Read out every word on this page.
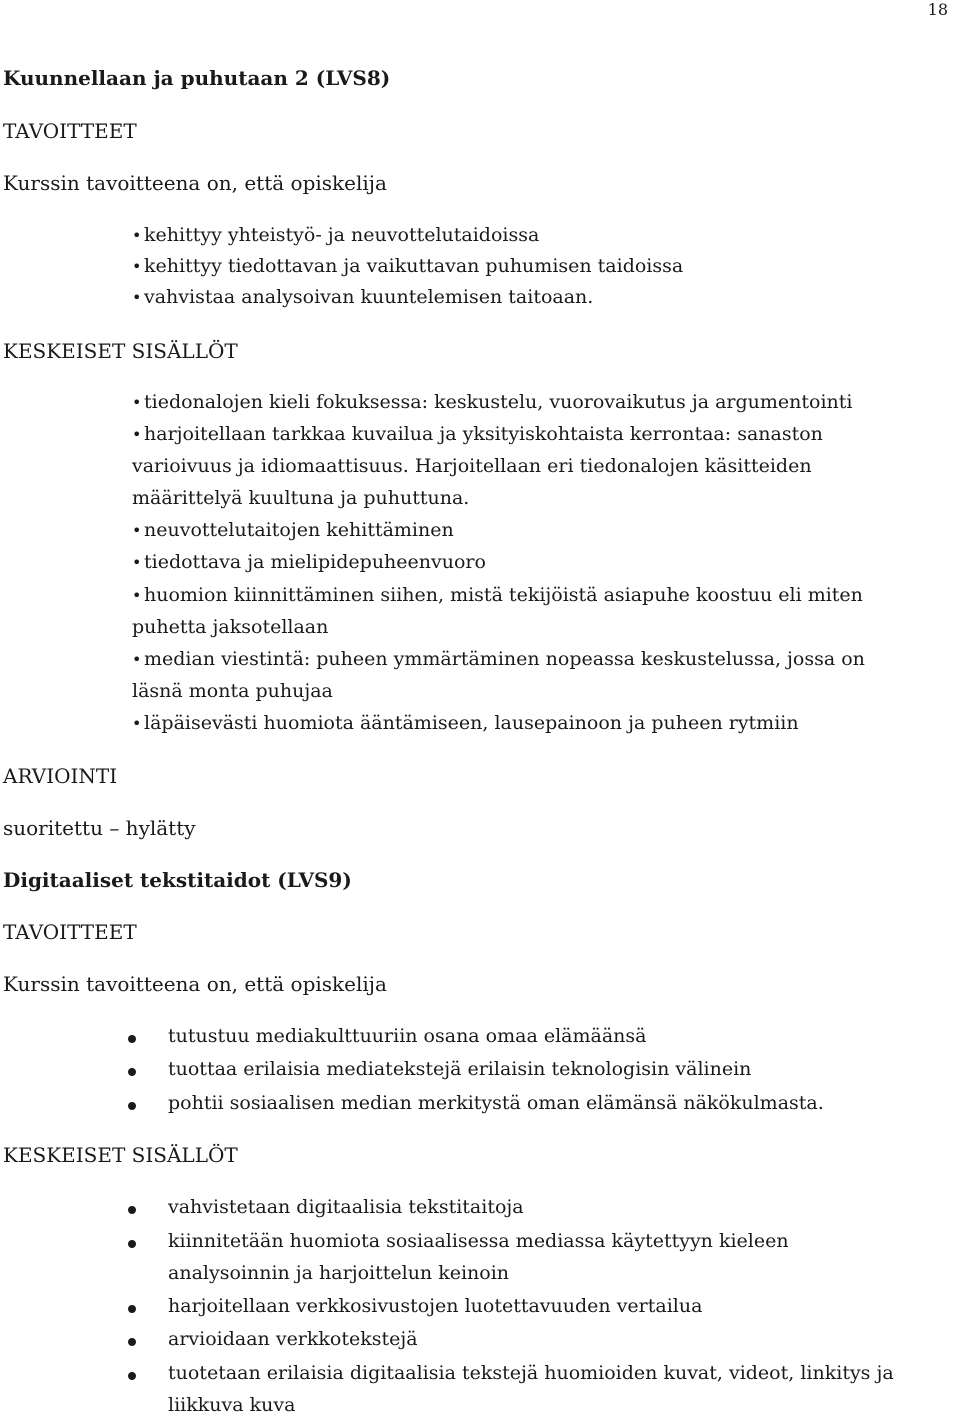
18
Kuunnellaan ja puhutaan 2 (LVS8)
TAVOITTEET
Kurssin tavoitteena on, että opiskelija
• kehittyy yhteistyö- ja neuvottelutaidoissa
• kehittyy tiedottavan ja vaikuttavan puhumisen taidoissa
• vahvistaa analysoivan kuuntelemisen taitoaan.
KESKEISET SISÄLLÖT
• tiedonalojen kieli fokuksessa: keskustelu, vuorovaikutus ja argumentointi
• harjoitellaan tarkkaa kuvailua ja yksityiskohtaista kerrontaa: sanaston
varioivuus ja idiomaattisuus. Harjoitellaan eri tiedonalojen käsitteiden
määrittelyä kuultuna ja puhuttuna.
• neuvottelutaitojen kehittäminen
• tiedottava ja mielipidepuheenvuoro
• huomion kiinnittäminen siihen, mistä tekijöistä asiapuhe koostuu eli miten
puhetta jaksotellaan
• median viestintä: puheen ymmärtäminen nopeassa keskustelussa, jossa on
läsnä monta puhujaa
• läpäisevästi huomiota ääntämiseen, lausepainoon ja puheen rytmiin
ARVIOINTI
suoritettu – hylätty
Digitaaliset tekstitaidot (LVS9)
TAVOITTEET
Kurssin tavoitteena on, että opiskelija
tutustuu mediakulttuuriin osana omaa elämäänsä
tuottaa erilaisia mediatekstejä erilaisin teknologisin välinein
pohtii sosiaalisen median merkitystä oman elämänsä näkökulmasta.
KESKEISET SISÄLLÖT
vahvistetaan digitaalisia tekstitaitoja
kiinnitetään huomiota sosiaalisessa mediassa käytettyyn kieleen
analysoinnin ja harjoittelun keinoin
harjoitellaan verkkosivustojen luotettavuuden vertailua
arvioidaan verkkotekstejä
tuotetaan erilaisia digitaalisia tekstejä huomioiden kuvat, videot, linkitys ja
liikkuva kuva
